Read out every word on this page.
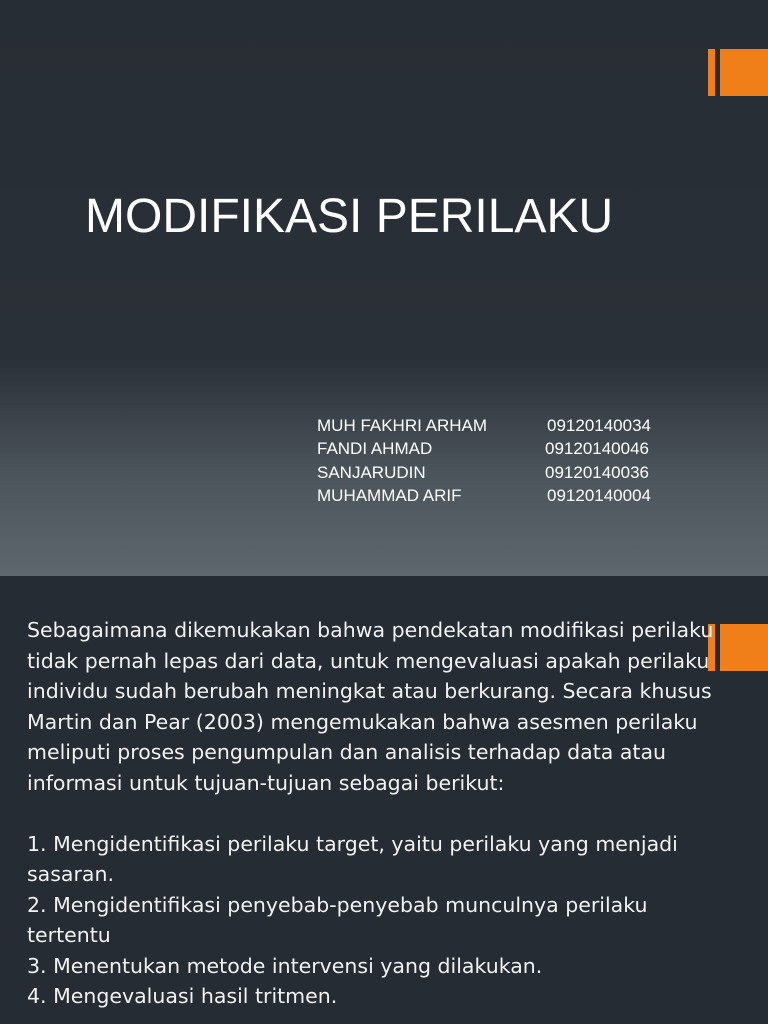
MODIFIKASI PERILAKU
MUH FAKHRI ARHAM	09120140034
FANDI AHMAD	09120140046
SANJARUDIN	09120140036
MUHAMMAD ARIF	09120140004

Sebagaimana dikemukakan bahwa pendekatan modifikasi perilaku tidak pernah lepas dari data, untuk mengevaluasi apakah perilaku individu sudah berubah meningkat atau berkurang. Secara khusus Martin dan Pear (2003) mengemukakan bahwa asesmen perilaku meliputi proses pengumpulan dan analisis terhadap data atau informasi untuk tujuan-tujuan sebagai berikut:

1. Mengidentifikasi perilaku target, yaitu perilaku yang menjadi sasaran.

2. Mengidentifikasi penyebab-penyebab munculnya perilaku tertentu

3. Menentukan metode intervensi yang dilakukan.

4. Mengevaluasi hasil tritmen.
